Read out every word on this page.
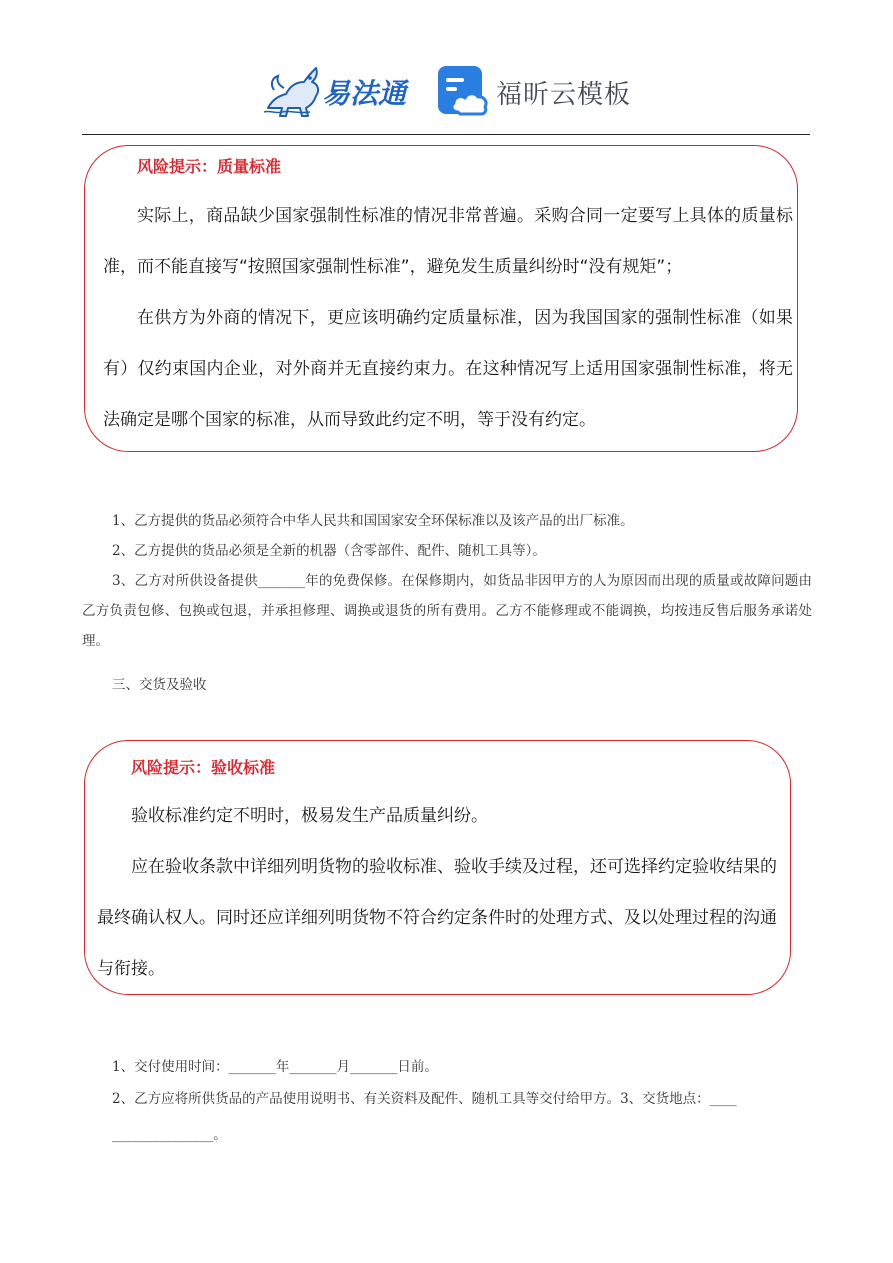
易法通	福昕云模板
风险提示：质量标准

实际上，商品缺少国家强制性标准的情况非常普遍。采购合同一定要写上具体的质量标准，而不能直接写“按照国家强制性标准”，避免发生质量纠纷时“没有规矩”；

在供方为外商的情况下，更应该明确约定质量标准，因为我国国家的强制性标准（如果有）仅约束国内企业，对外商并无直接约束力。在这种情况写上适用国家强制性标准，将无法确定是哪个国家的标准，从而导致此约定不明，等于没有约定。

1、乙方提供的货品必须符合中华人民共和国国家安全环保标准以及该产品的出厂标准。

2、乙方提供的货品必须是全新的机器（含零部件、配件、随机工具等）。

3、乙方对所供设备提供_______年的免费保修。在保修期内，如货品非因甲方的人为原因而出现的质量或故障问题由乙方负责包修、包换或包退，并承担修理、调换或退货的所有费用。乙方不能修理或不能调换，均按违反售后服务承诺处理。

三、交货及验收

风险提示：验收标准

验收标准约定不明时，极易发生产品质量纠纷。

应在验收条款中详细列明货物的验收标准、验收手续及过程，还可选择约定验收结果的最终确认权人。同时还应详细列明货物不符合约定条件时的处理方式、及以处理过程的沟通与衔接。

1、交付使用时间：_______年_______月_______日前。

2、乙方应将所供货品的产品使用说明书、有关资料及配件、随机工具等交付给甲方。3、交货地点：____

_______________。
